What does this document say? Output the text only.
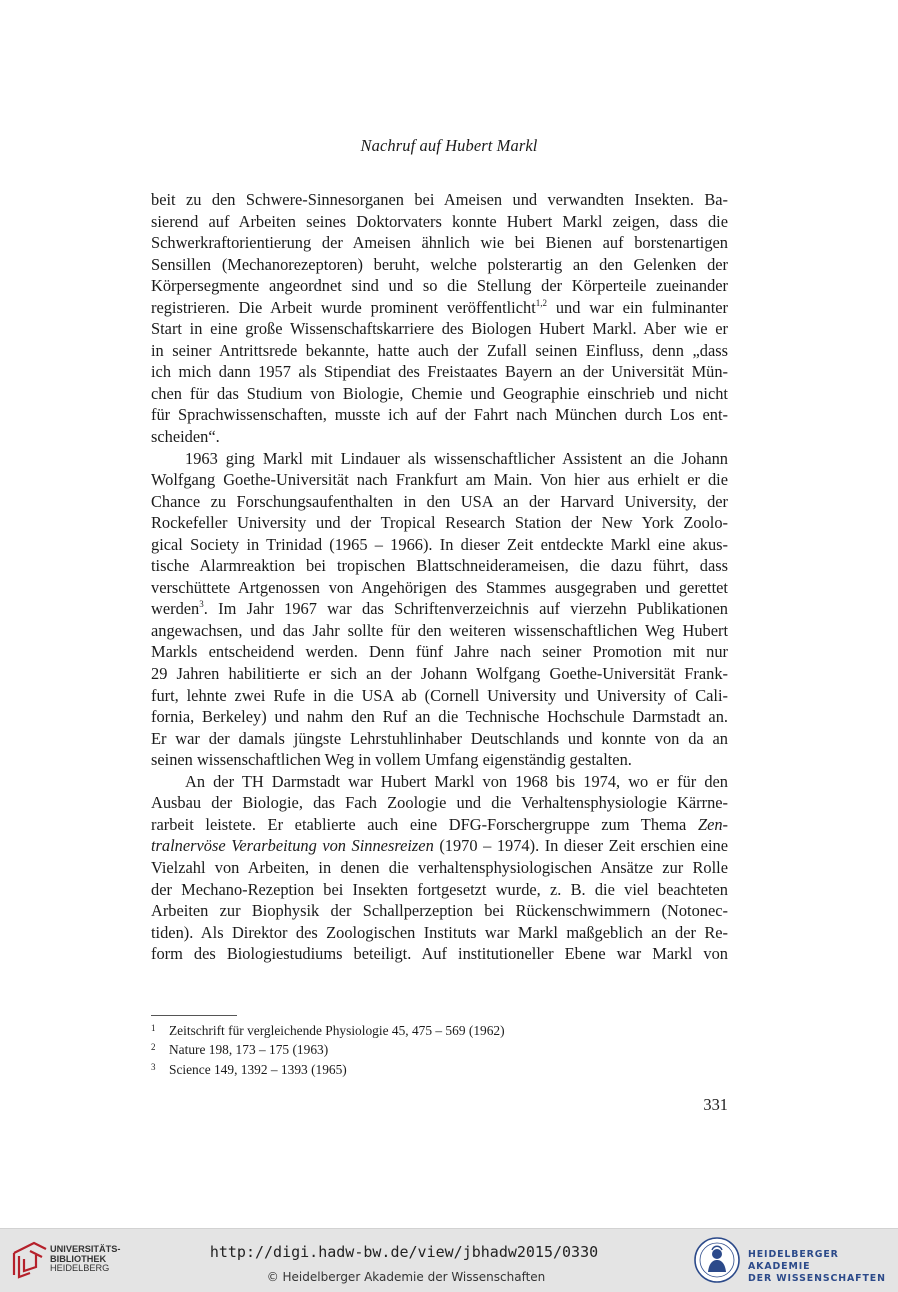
Nachruf auf Hubert Markl
beit zu den Schwere-Sinnesorganen bei Ameisen und verwandten Insekten. Ba-
sierend auf Arbeiten seines Doktorvaters konnte Hubert Markl zeigen, dass die
Schwerkraftorientierung der Ameisen ähnlich wie bei Bienen auf borstenartigen
Sensillen (Mechanorezeptoren) beruht, welche polsterartig an den Gelenken der
Körpersegmente angeordnet sind und so die Stellung der Körperteile zueinander
registrieren. Die Arbeit wurde prominent veröffentlicht$^{1,2}$ und war ein fulminanter
Start in eine große Wissenschaftskarriere des Biologen Hubert Markl. Aber wie er
in seiner Antrittsrede bekannte, hatte auch der Zufall seinen Einfluss, denn „dass
ich mich dann 1957 als Stipendiat des Freistaates Bayern an der Universität Mün-
chen für das Studium von Biologie, Chemie und Geographie einschrieb und nicht
für Sprachwissenschaften, musste ich auf der Fahrt nach München durch Los ent-
scheiden“.
1963 ging Markl mit Lindauer als wissenschaftlicher Assistent an die Johann
Wolfgang Goethe-Universität nach Frankfurt am Main. Von hier aus erhielt er die
Chance zu Forschungsaufenthalten in den USA an der Harvard University, der
Rockefeller University und der Tropical Research Station der New York Zoolo-
gical Society in Trinidad (1965 – 1966). In dieser Zeit entdeckte Markl eine akus-
tische Alarmreaktion bei tropischen Blattschneiderameisen, die dazu führt, dass
verschüttete Artgenossen von Angehörigen des Stammes ausgegraben und gerettet
werden$^3$. Im Jahr 1967 war das Schriftenverzeichnis auf vierzehn Publikationen
angewachsen, und das Jahr sollte für den weiteren wissenschaftlichen Weg Hubert
Markls entscheidend werden. Denn fünf Jahre nach seiner Promotion mit nur
29 Jahren habilitierte er sich an der Johann Wolfgang Goethe-Universität Frank-
furt, lehnte zwei Rufe in die USA ab (Cornell University und University of Cali-
fornia, Berkeley) und nahm den Ruf an die Technische Hochschule Darmstadt an.
Er war der damals jüngste Lehrstuhlinhaber Deutschlands und konnte von da an
seinen wissenschaftlichen Weg in vollem Umfang eigenständig gestalten.
An der TH Darmstadt war Hubert Markl von 1968 bis 1974, wo er für den
Ausbau der Biologie, das Fach Zoologie und die Verhaltensphysiologie Kärrne-
rarbeit leistete. Er etablierte auch eine DFG-Forschergruppe zum Thema Zen-
tralnervöse Verarbeitung von Sinnesreizen (1970 – 1974). In dieser Zeit erschien eine
Vielzahl von Arbeiten, in denen die verhaltensphysiologischen Ansätze zur Rolle
der Mechano-Rezeption bei Insekten fortgesetzt wurde, z. B. die viel beachteten
Arbeiten zur Biophysik der Schallperzeption bei Rückenschwimmern (Notonec-
tiden). Als Direktor des Zoologischen Instituts war Markl maßgeblich an der Re-
form des Biologiestudiums beteiligt. Auf institutioneller Ebene war Markl von
1 Zeitschrift für vergleichende Physiologie 45, 475 – 569 (1962)
2 Nature 198, 173 – 175 (1963)
3 Science 149, 1392 – 1393 (1965)
331
UNIVERSITÄTS-
BIBLIOTHEK
HEIDELBERG
http://digi.hadw-bw.de/view/jbhadw2015/0330
© Heidelberger Akademie der Wissenschaften
HEIDELBERGER AKADEMIE
DER WISSENSCHAFTEN
